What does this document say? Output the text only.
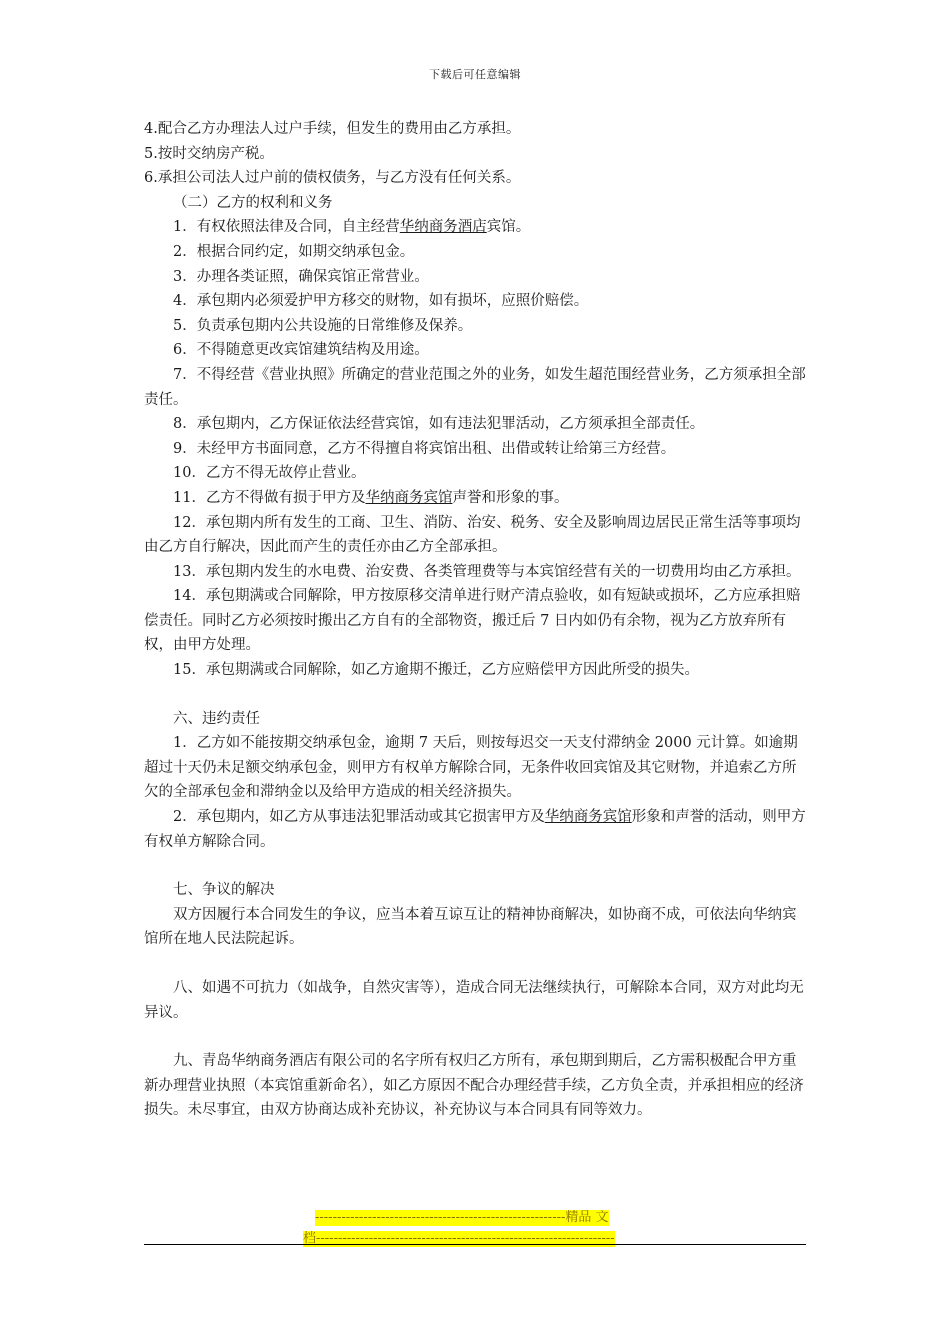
下载后可任意编辑

4.配合乙方办理法人过户手续，但发生的费用由乙方承担。

5.按时交纳房产税。

6.承担公司法人过户前的债权债务，与乙方没有任何关系。

（二）乙方的权利和义务

1．有权依照法律及合同，自主经营华纳商务酒店宾馆。

2．根据合同约定，如期交纳承包金。

3．办理各类证照，确保宾馆正常营业。

4．承包期内必须爱护甲方移交的财物，如有损坏，应照价赔偿。

5．负责承包期内公共设施的日常维修及保养。

6．不得随意更改宾馆建筑结构及用途。

7．不得经营《营业执照》所确定的营业范围之外的业务，如发生超范围经营业务，乙方须承担全部责任。

8．承包期内，乙方保证依法经营宾馆，如有违法犯罪活动，乙方须承担全部责任。

9．未经甲方书面同意，乙方不得擅自将宾馆出租、出借或转让给第三方经营。

10．乙方不得无故停止营业。

11．乙方不得做有损于甲方及华纳商务宾馆声誉和形象的事。

12．承包期内所有发生的工商、卫生、消防、治安、税务、安全及影响周边居民正常生活等事项均由乙方自行解决，因此而产生的责任亦由乙方全部承担。

13．承包期内发生的水电费、治安费、各类管理费等与本宾馆经营有关的一切费用均由乙方承担。

14．承包期满或合同解除，甲方按原移交清单进行财产清点验收，如有短缺或损坏，乙方应承担赔偿责任。同时乙方必须按时搬出乙方自有的全部物资，搬迁后 7 日内如仍有余物，视为乙方放弃所有权，由甲方处理。

15．承包期满或合同解除，如乙方逾期不搬迁，乙方应赔偿甲方因此所受的损失。

六、违约责任

1．乙方如不能按期交纳承包金，逾期 7 天后，则按每迟交一天支付滞纳金 2000 元计算。如逾期超过十天仍未足额交纳承包金，则甲方有权单方解除合同，无条件收回宾馆及其它财物，并追索乙方所欠的全部承包金和滞纳金以及给甲方造成的相关经济损失。

2．承包期内，如乙方从事违法犯罪活动或其它损害甲方及华纳商务宾馆形象和声誉的活动，则甲方有权单方解除合同。

七、争议的解决

双方因履行本合同发生的争议，应当本着互谅互让的精神协商解决，如协商不成，可依法向华纳宾馆所在地人民法院起诉。

八、如遇不可抗力（如战争，自然灾害等），造成合同无法继续执行，可解除本合同，双方对此均无异议。

九、青岛华纳商务酒店有限公司的名字所有权归乙方所有，承包期到期后，乙方需积极配合甲方重新办理营业执照（本宾馆重新命名），如乙方原因不配合办理经营手续，乙方负全责，并承担相应的经济损失。未尽事宜，由双方协商达成补充协议，补充协议与本合同具有同等效力。

---------------------------------------------------------精品 文
档--------------------------------------------------------------------
